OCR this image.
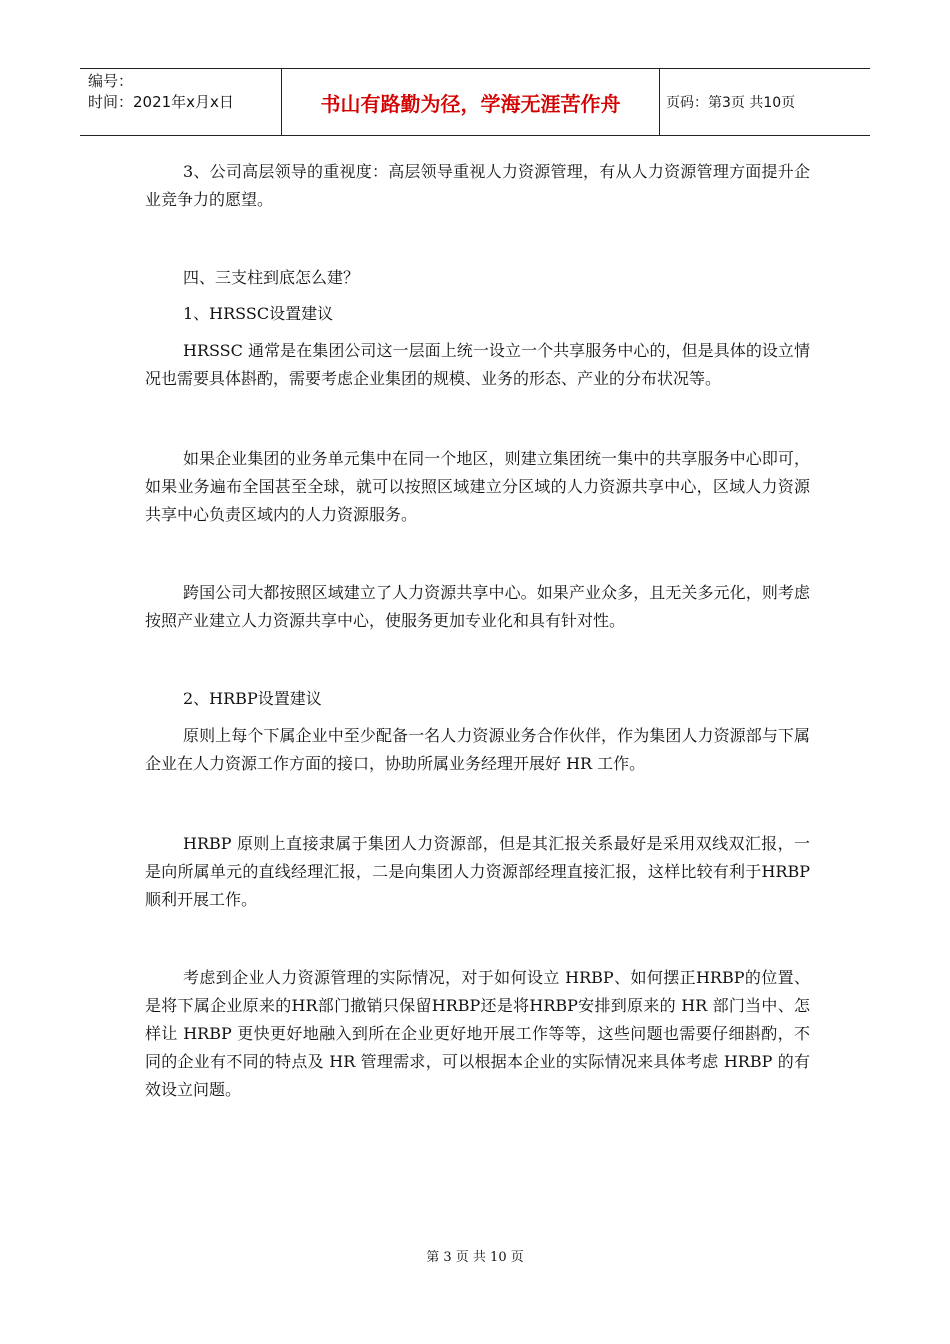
编号：
时间：2021年x月x日	书山有路勤为径，学海无涯苦作舟	页码：第3页 共10页

3、公司高层领导的重视度：高层领导重视人力资源管理，有从人力资源管理方面提升企业竞争力的愿望。

四、三支柱到底怎么建？

1、HRSSC设置建议

HRSSC 通常是在集团公司这一层面上统一设立一个共享服务中心的，但是具体的设立情况也需要具体斟酌，需要考虑企业集团的规模、业务的形态、产业的分布状况等。

如果企业集团的业务单元集中在同一个地区，则建立集团统一集中的共享服务中心即可，如果业务遍布全国甚至全球，就可以按照区域建立分区域的人力资源共享中心，区域人力资源共享中心负责区域内的人力资源服务。

跨国公司大都按照区域建立了人力资源共享中心。如果产业众多，且无关多元化，则考虑按照产业建立人力资源共享中心，使服务更加专业化和具有针对性。

2、HRBP设置建议

原则上每个下属企业中至少配备一名人力资源业务合作伙伴，作为集团人力资源部与下属企业在人力资源工作方面的接口，协助所属业务经理开展好 HR 工作。

HRBP 原则上直接隶属于集团人力资源部，但是其汇报关系最好是采用双线双汇报，一是向所属单元的直线经理汇报，二是向集团人力资源部经理直接汇报，这样比较有利于HRBP 顺利开展工作。

考虑到企业人力资源管理的实际情况，对于如何设立 HRBP、如何摆正HRBP的位置、是将下属企业原来的HR部门撤销只保留HRBP还是将HRBP安排到原来的 HR 部门当中、怎样让 HRBP 更快更好地融入到所在企业更好地开展工作等等，这些问题也需要仔细斟酌，不同的企业有不同的特点及 HR 管理需求，可以根据本企业的实际情况来具体考虑 HRBP 的有效设立问题。

第 3 页 共 10 页
